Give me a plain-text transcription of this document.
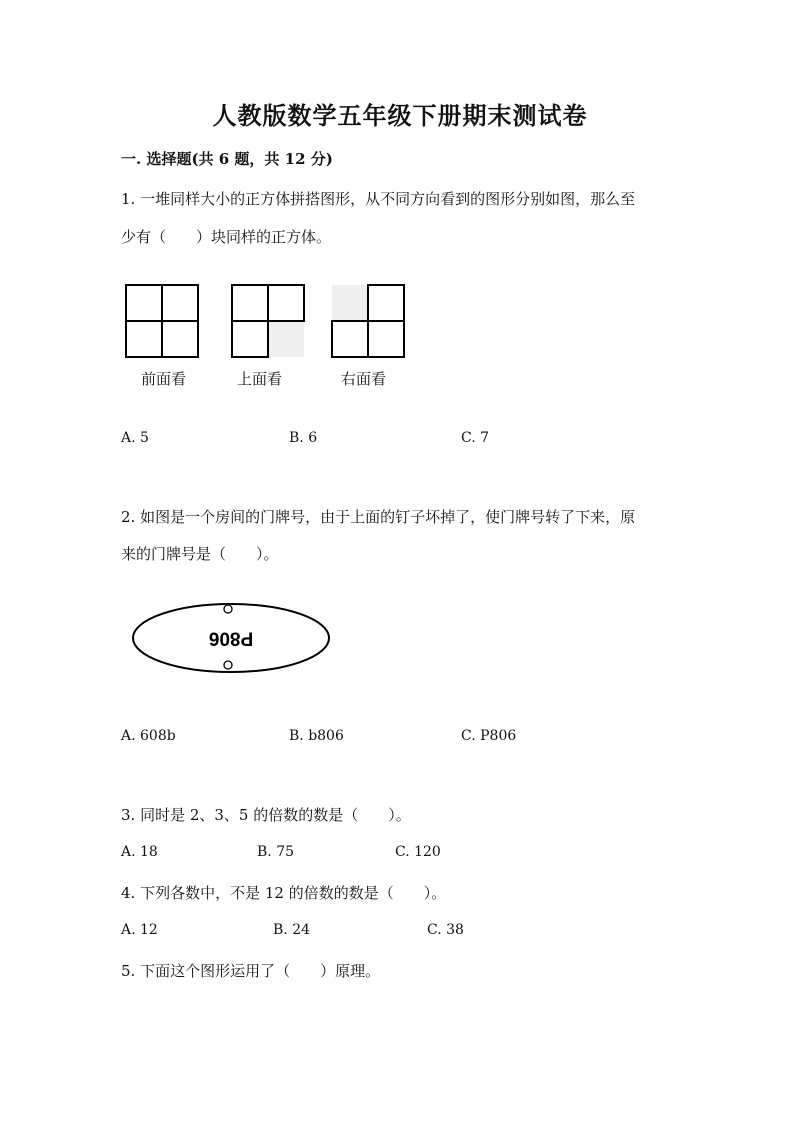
人教版数学五年级下册期末测试卷
一. 选择题(共 6 题，共 12 分)
1. 一堆同样大小的正方体拼搭图形，从不同方向看到的图形分别如图，那么至
少有（　　）块同样的正方体。
前面看	上面看	右面看
A. 5	B. 6	C. 7
2. 如图是一个房间的门牌号，由于上面的钉子坏掉了，使门牌号转了下来，原
来的门牌号是（　　）。
P806
A. 608b	B. b806	C. P806
3. 同时是 2、3、5 的倍数的数是（　　）。
A. 18	B. 75	C. 120
4. 下列各数中，不是 12 的倍数的数是（　　）。
A. 12	B. 24	C. 38
5. 下面这个图形运用了（　　）原理。
